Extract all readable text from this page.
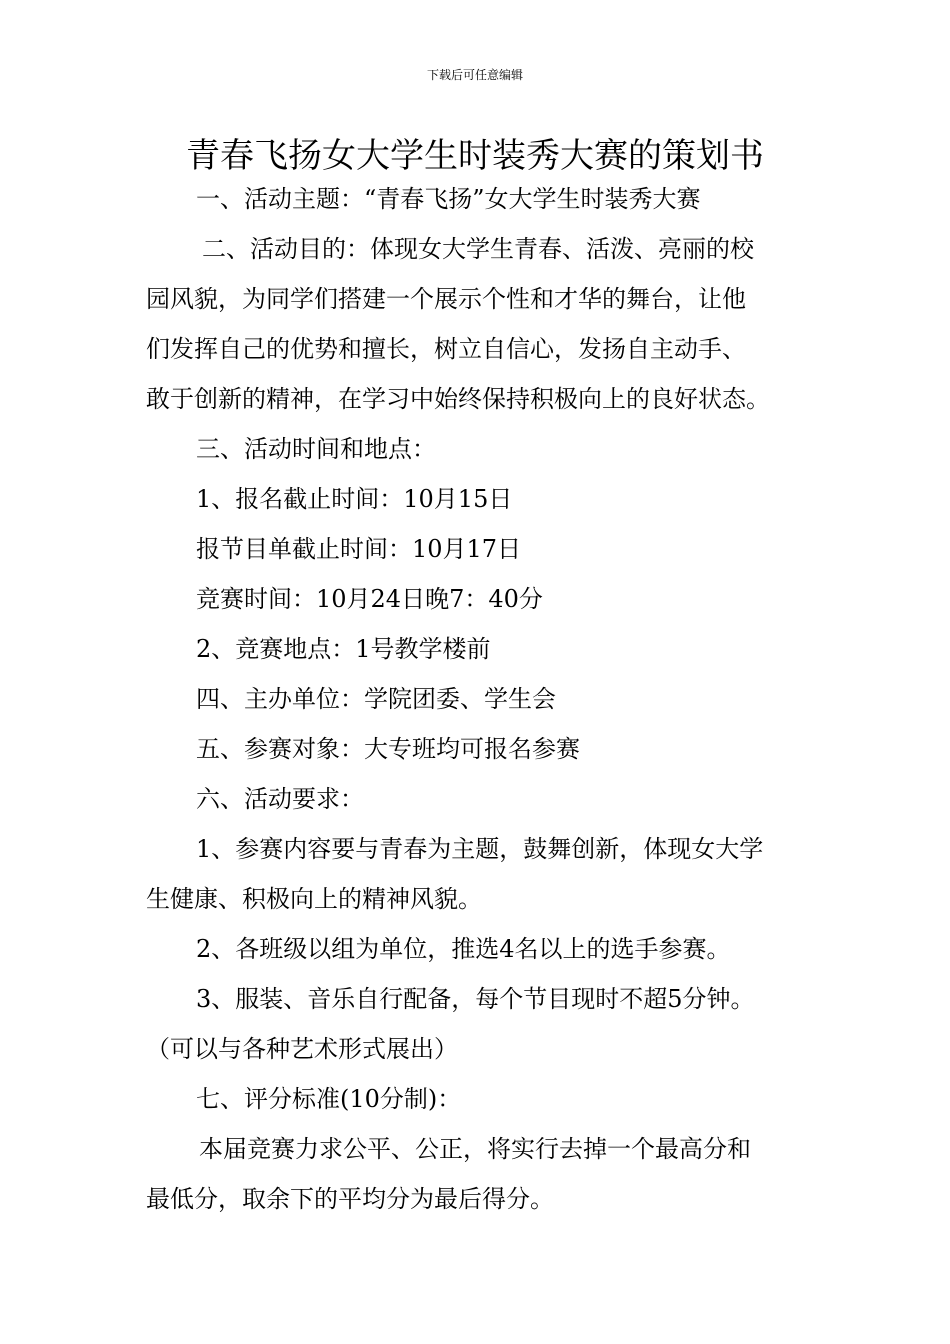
下载后可任意编辑
青春飞扬女大学生时装秀大赛的策划书

一、活动主题：“青春飞扬”女大学生时装秀大赛

二、活动目的：体现女大学生青春、活泼、亮丽的校

园风貌，为同学们搭建一个展示个性和才华的舞台，让他

们发挥自己的优势和擅长，树立自信心，发扬自主动手、

敢于创新的精神，在学习中始终保持积极向上的良好状态。

三、活动时间和地点：

1、报名截止时间：10月15日

报节目单截止时间：10月17日

竞赛时间：10月24日晚7：40分

2、竞赛地点：1号教学楼前

四、主办单位：学院团委、学生会

五、参赛对象：大专班均可报名参赛

六、活动要求：

1、参赛内容要与青春为主题，鼓舞创新，体现女大学

生健康、积极向上的精神风貌。

2、各班级以组为单位，推选4名以上的选手参赛。

3、服装、音乐自行配备，每个节目现时不超5分钟。

（可以与各种艺术形式展出）

七、评分标准(10分制)：

本届竞赛力求公平、公正，将实行去掉一个最高分和

最低分，取余下的平均分为最后得分。
